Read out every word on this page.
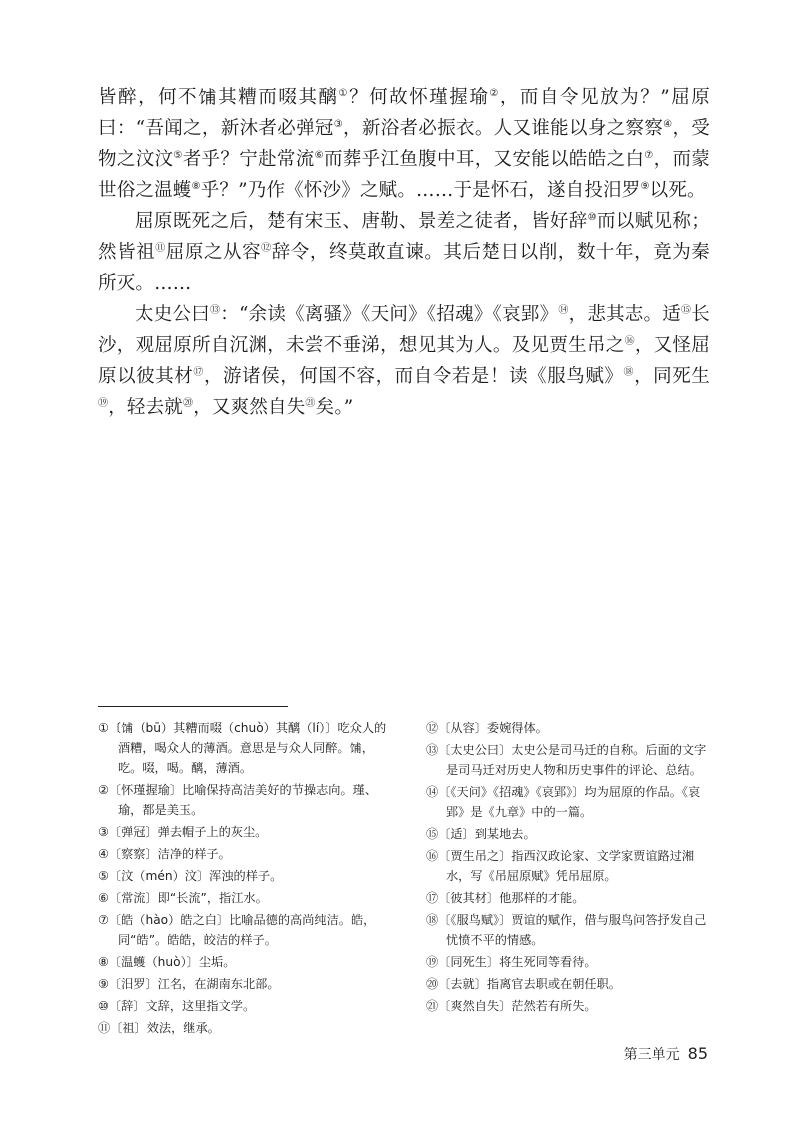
皆醉，何不𫗦其糟而啜其醨①？何故怀瑾握瑜②，而自令见放为？”屈原曰：“吾闻之，新沐者必弹冠③，新浴者必振衣。人又谁能以身之察察④，受物之汶汶⑤者乎？宁赴常流⑥而葬乎江鱼腹中耳，又安能以皓皓之白⑦，而蒙世俗之温蠖⑧乎？”乃作《怀沙》之赋。……于是怀石，遂自投汨罗⑨以死。

屈原既死之后，楚有宋玉、唐勒、景差之徒者，皆好辞⑩而以赋见称；然皆祖⑪屈原之从容⑫辞令，终莫敢直谏。其后楚日以削，数十年，竟为秦所灭。……

太史公曰⑬：“余读《离骚》《天问》《招魂》《哀郢》⑭，悲其志。适⑮长沙，观屈原所自沉渊，未尝不垂涕，想见其为人。及见贾生吊之⑯，又怪屈原以彼其材⑰，游诸侯，何国不容，而自令若是！读《服鸟赋》⑱，同死生⑲，轻去就⑳，又爽然自失$^㉑$矣。”

①〔𫗦（bū）其糟而啜（chuò）其醨（lí）〕吃众人的酒糟，喝众人的薄酒。意思是与众人同醉。𫗦，吃。啜，喝。醨，薄酒。

②〔怀瑾握瑜〕比喻保持高洁美好的节操志向。瑾、瑜，都是美玉。

③〔弹冠〕弹去帽子上的灰尘。

④〔察察〕洁净的样子。

⑤〔汶（mén）汶〕浑浊的样子。

⑥〔常流〕即“长流”，指江水。

⑦〔皓（hào）皓之白〕比喻品德的高尚纯洁。皓，同“皓”。皓皓，皎洁的样子。

⑧〔温蠖（huò）〕尘垢。

⑨〔汨罗〕江名，在湖南东北部。

⑩〔辞〕文辞，这里指文学。

⑪〔祖〕效法，继承。

⑫〔从容〕委婉得体。

⑬〔太史公曰〕太史公是司马迁的自称。后面的文字是司马迁对历史人物和历史事件的评论、总结。

⑭〔《天问》《招魂》《哀郢》〕均为屈原的作品。《哀郢》是《九章》中的一篇。

⑮〔适〕到某地去。

⑯〔贾生吊之〕指西汉政论家、文学家贾谊路过湘水，写《吊屈原赋》凭吊屈原。

⑰〔彼其材〕他那样的才能。

⑱〔《服鸟赋》〕贾谊的赋作，借与服鸟问答抒发自己忧愤不平的情感。

⑲〔同死生〕将生死同等看待。

⑳〔去就〕指离官去职或在朝任职。

㉑〔爽然自失〕茫然若有所失。

第三单元 85
